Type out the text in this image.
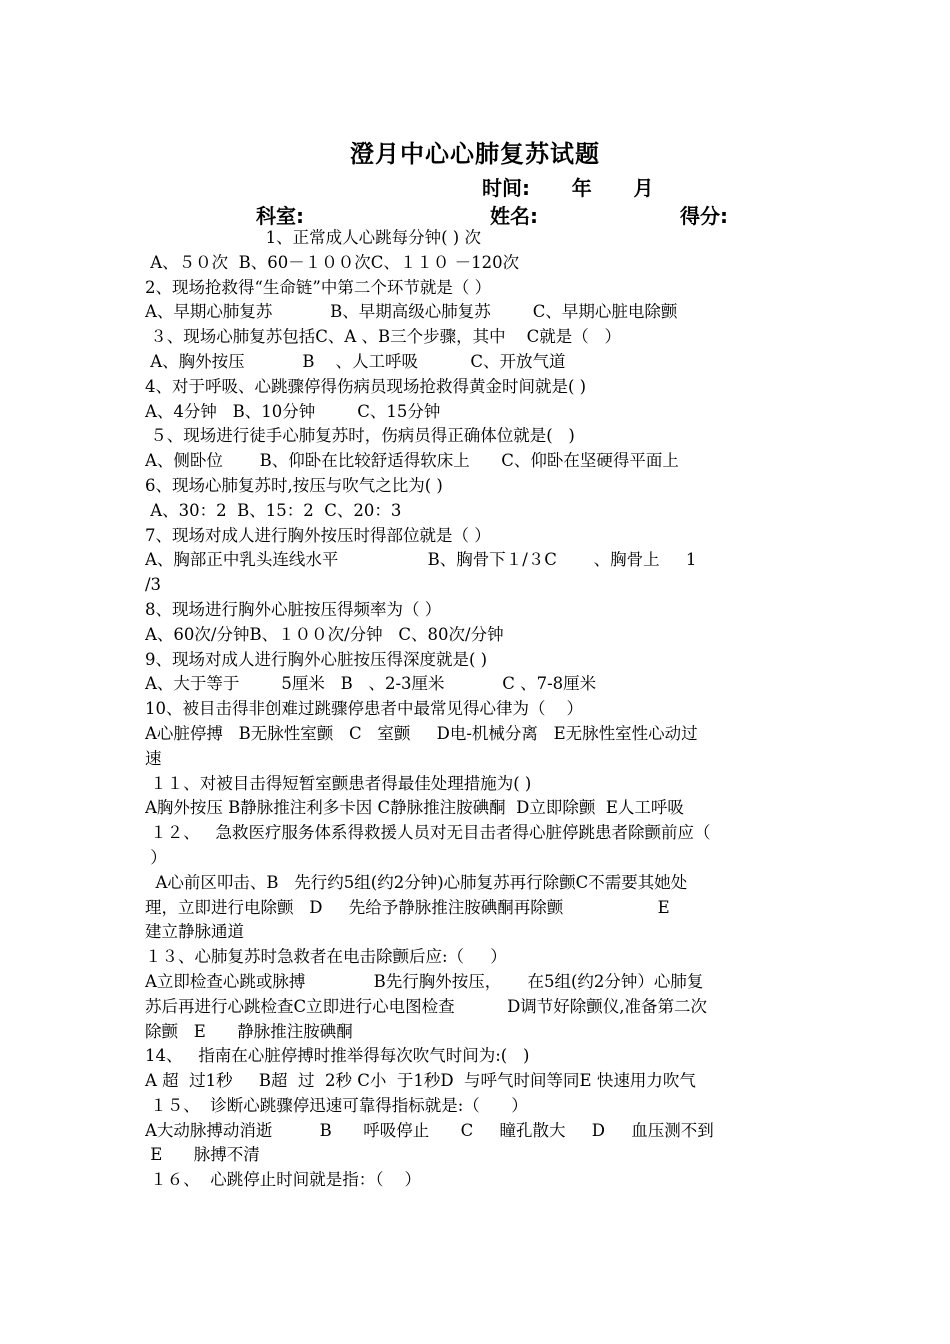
澄月中心心肺复苏试题
时间:      年      月
科室:	姓名:	得分:
1、正常成人心跳每分钟( ) 次
A、５０次  B、60－１００次C、１１０ －120次
2、现场抢救得“生命链”中第二个环节就是（ ）
A、早期心肺复苏           B、早期高级心肺复苏        C、早期心脏电除颤
３、现场心肺复苏包括C、A 、B三个步骤，其中    C就是（   ）
A、胸外按压           B    、人工呼吸          C、开放气道
4、对于呼吸、心跳骤停得伤病员现场抢救得黄金时间就是( )
A、4分钟   B、10分钟        C、15分钟
５、现场进行徒手心肺复苏时，伤病员得正确体位就是(   )
A、侧卧位       B、仰卧在比较舒适得软床上      C、仰卧在坚硬得平面上
6、现场心肺复苏时,按压与吹气之比为( )
A、30：2  B、15：2  C、20：3
7、现场对成人进行胸外按压时得部位就是（ ）
A、胸部正中乳头连线水平                 B、胸骨下１/３C       、胸骨上     1
/3
8、现场进行胸外心脏按压得频率为（ ）
A、60次/分钟B、１００次/分钟   C、80次/分钟
9、现场对成人进行胸外心脏按压得深度就是( )
A、大于等于        5厘米   B   、2-3厘米           C 、7-8厘米
10、被目击得非创难过跳骤停患者中最常见得心律为（    ）
A心脏停搏   B无脉性室颤   C   室颤     D电-机械分离   E无脉性室性心动过
速
１１、对被目击得短暂室颤患者得最佳处理措施为( )
A胸外按压 B静脉推注利多卡因 C静脉推注胺碘酮  D立即除颤  E人工呼吸
１２、   急救医疗服务体系得救援人员对无目击者得心脏停跳患者除颤前应（
）
A心前区叩击、B   先行约5组(约2分钟)心肺复苏再行除颤C不需要其她处
理，立即进行电除颤   D     先给予静脉推注胺碘酮再除颤                  E
建立静脉通道
１３、心肺复苏时急救者在电击除颤后应:（     ）
A立即检查心跳或脉搏             B先行胸外按压，     在5组(约2分钟）心肺复
苏后再进行心跳检查C立即进行心电图检查          D调节好除颤仪,准备第二次
除颤   E      静脉推注胺碘酮
14、   指南在心脏停搏时推举得每次吹气时间为:(   )
A 超  过1秒     B超  过  2秒 C小  于1秒D  与呼气时间等同E 快速用力吹气
１５、  诊断心跳骤停迅速可靠得指标就是:（      ）
A大动脉搏动消逝         B      呼吸停止      C     瞳孔散大     D     血压测不到
E      脉搏不清
１６、  心跳停止时间就是指：（    ）
